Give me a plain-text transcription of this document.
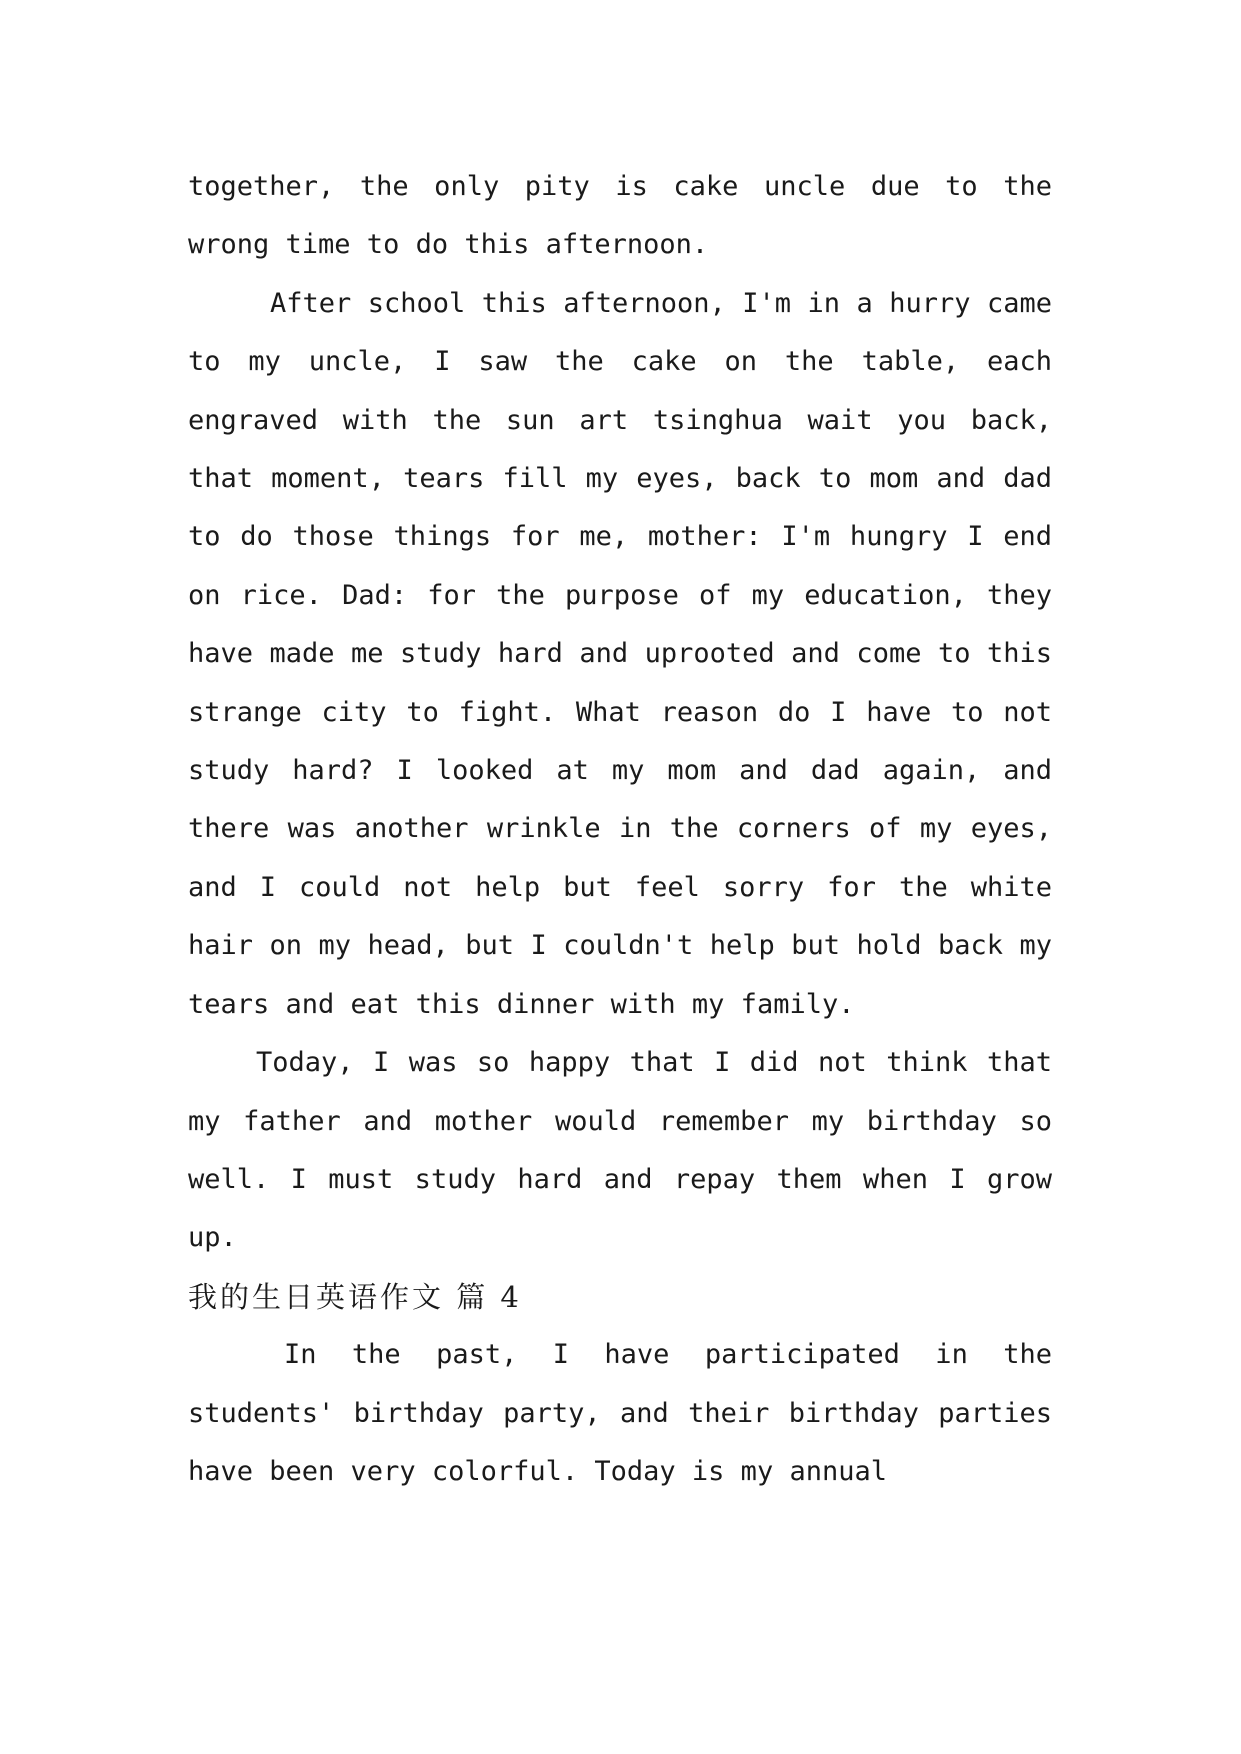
together, the only pity is cake uncle due to the wrong time to do this afternoon.

After school this afternoon, I'm in a hurry came to my uncle, I saw the cake on the table, each engraved with the sun art tsinghua wait you back, that moment, tears fill my eyes, back to mom and dad to do those things for me, mother: I'm hungry I end on rice. Dad: for the purpose of my education, they have made me study hard and uprooted and come to this strange city to fight. What reason do I have to not study hard? I looked at my mom and dad again, and there was another wrinkle in the corners of my eyes, and I could not help but feel sorry for the white hair on my head, but I couldn't help but hold back my tears and eat this dinner with my family.

Today, I was so happy that I did not think that my father and mother would remember my birthday so well. I must study hard and repay them when I grow up.

我的生日英语作文 篇 4

In the past, I have participated in the students' birthday party, and their birthday parties have been very colorful. Today is my annual
